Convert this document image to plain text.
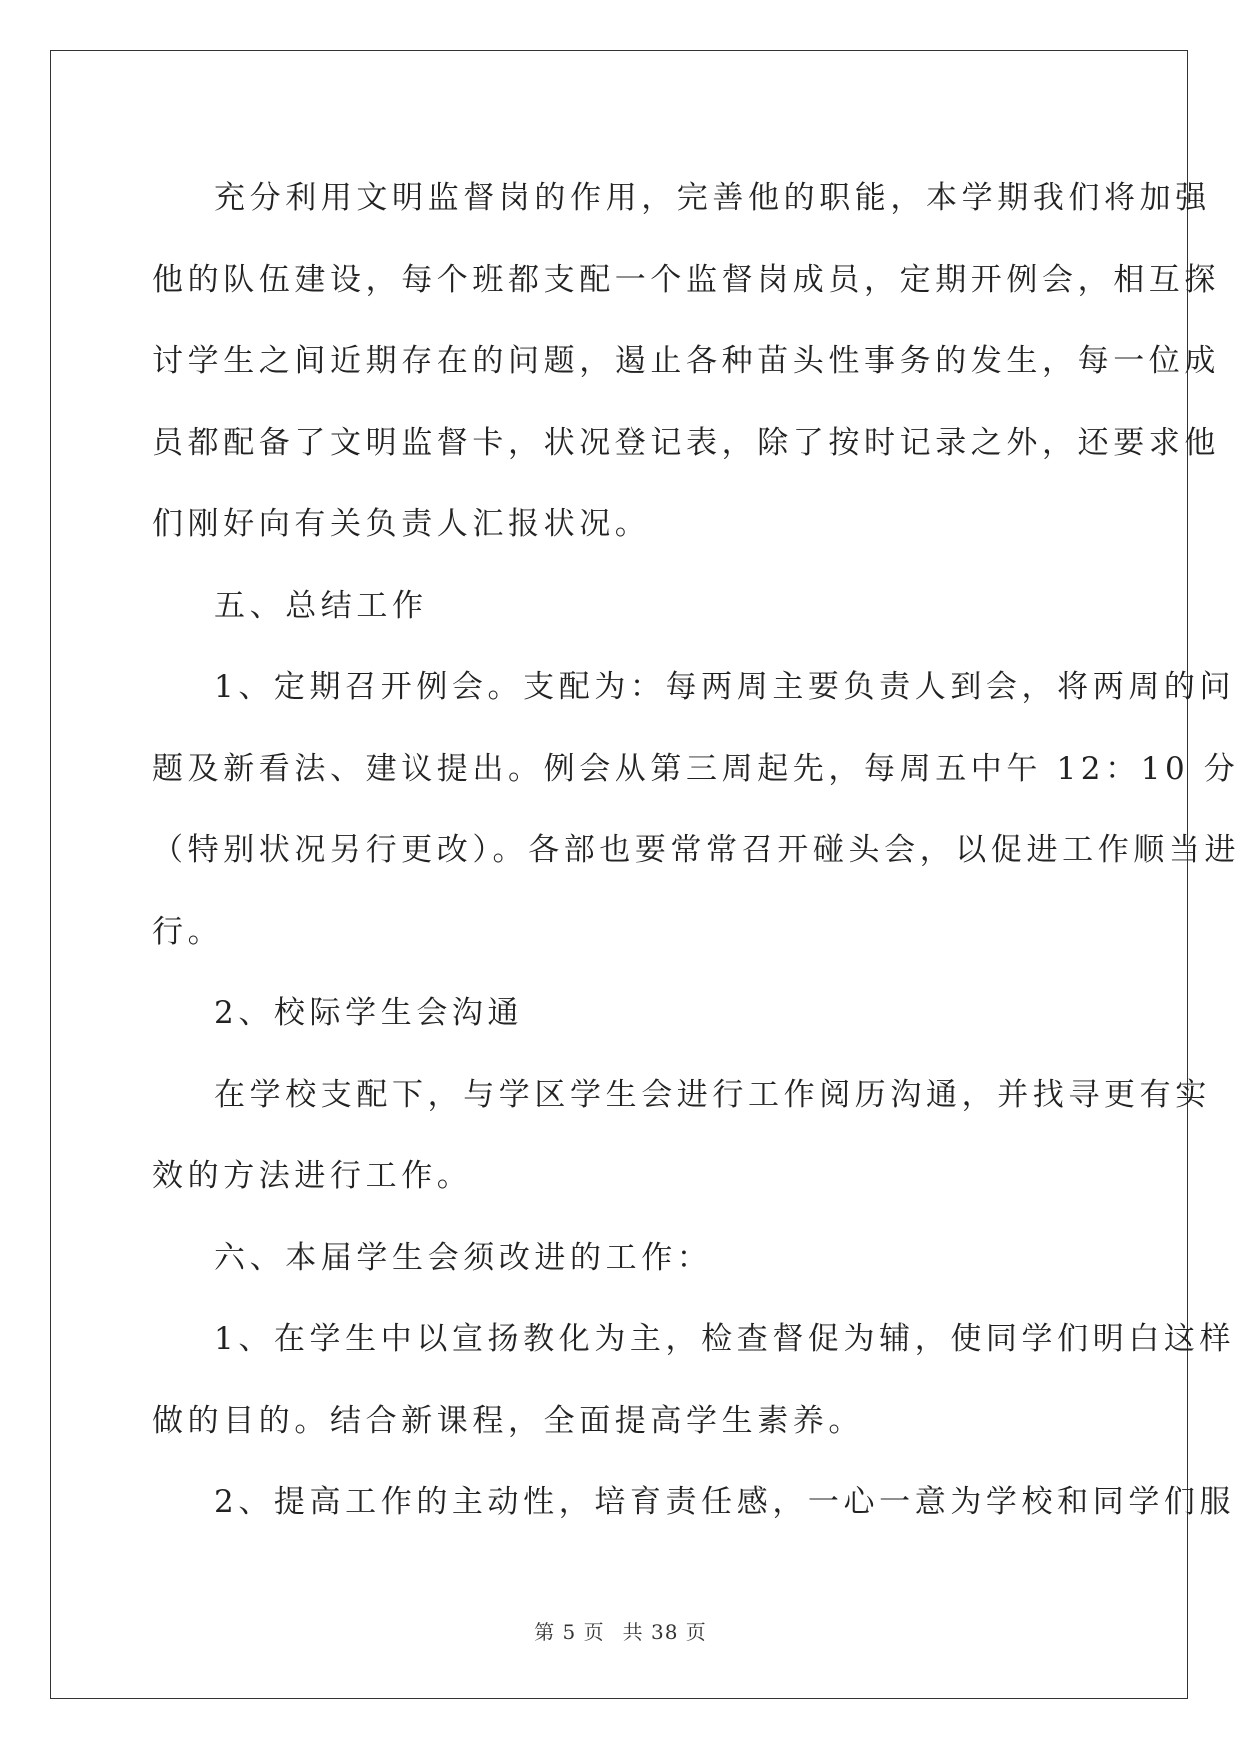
充分利用文明监督岗的作用，完善他的职能，本学期我们将加强
他的队伍建设，每个班都支配一个监督岗成员，定期开例会，相互探
讨学生之间近期存在的问题，遏止各种苗头性事务的发生，每一位成
员都配备了文明监督卡，状况登记表，除了按时记录之外，还要求他
们刚好向有关负责人汇报状况。
五、总结工作
1、定期召开例会。支配为：每两周主要负责人到会，将两周的问
题及新看法、建议提出。例会从第三周起先，每周五中午 12：10 分
（特别状况另行更改）。各部也要常常召开碰头会，以促进工作顺当进
行。
2、校际学生会沟通
在学校支配下，与学区学生会进行工作阅历沟通，并找寻更有实
效的方法进行工作。
六、本届学生会须改进的工作：
1、在学生中以宣扬教化为主，检查督促为辅，使同学们明白这样
做的目的。结合新课程，全面提高学生素养。
2、提高工作的主动性，培育责任感，一心一意为学校和同学们服
第 5 页 共 38 页
